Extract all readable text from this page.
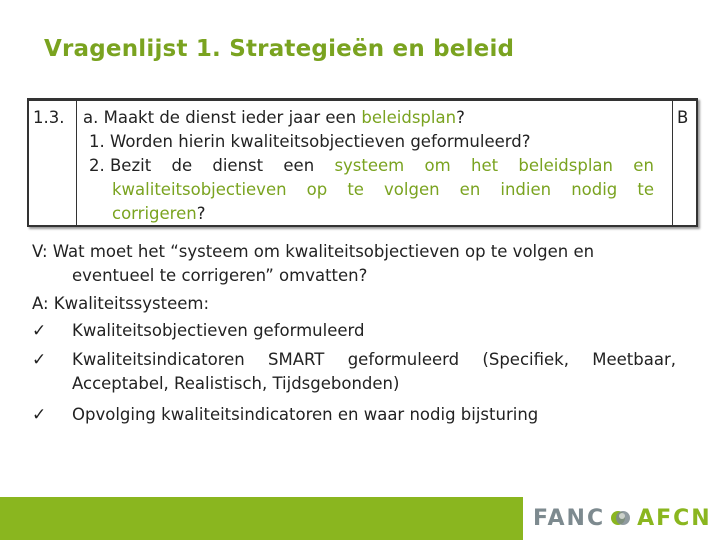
Vragenlijst 1. Strategieën en beleid
1.3. a. Maakt de dienst ieder jaar een beleidsplan?
1. Worden hierin kwaliteitsobjectieven geformuleerd?
2. Bezit de dienst een systeem om het beleidsplan en
kwaliteitsobjectieven op te volgen en indien nodig te
corrigeren?
B
V: Wat moet het “systeem om kwaliteitsobjectieven op te volgen en
eventueel te corrigeren” omvatten?
A: Kwaliteitssysteem:
✓ Kwaliteitsobjectieven geformuleerd
✓ Kwaliteitsindicatoren SMART geformuleerd (Specifiek, Meetbaar,
Acceptabel, Realistisch, Tijdsgebonden)
✓ Opvolging kwaliteitsindicatoren en waar nodig bijsturing
FANC AFCN
